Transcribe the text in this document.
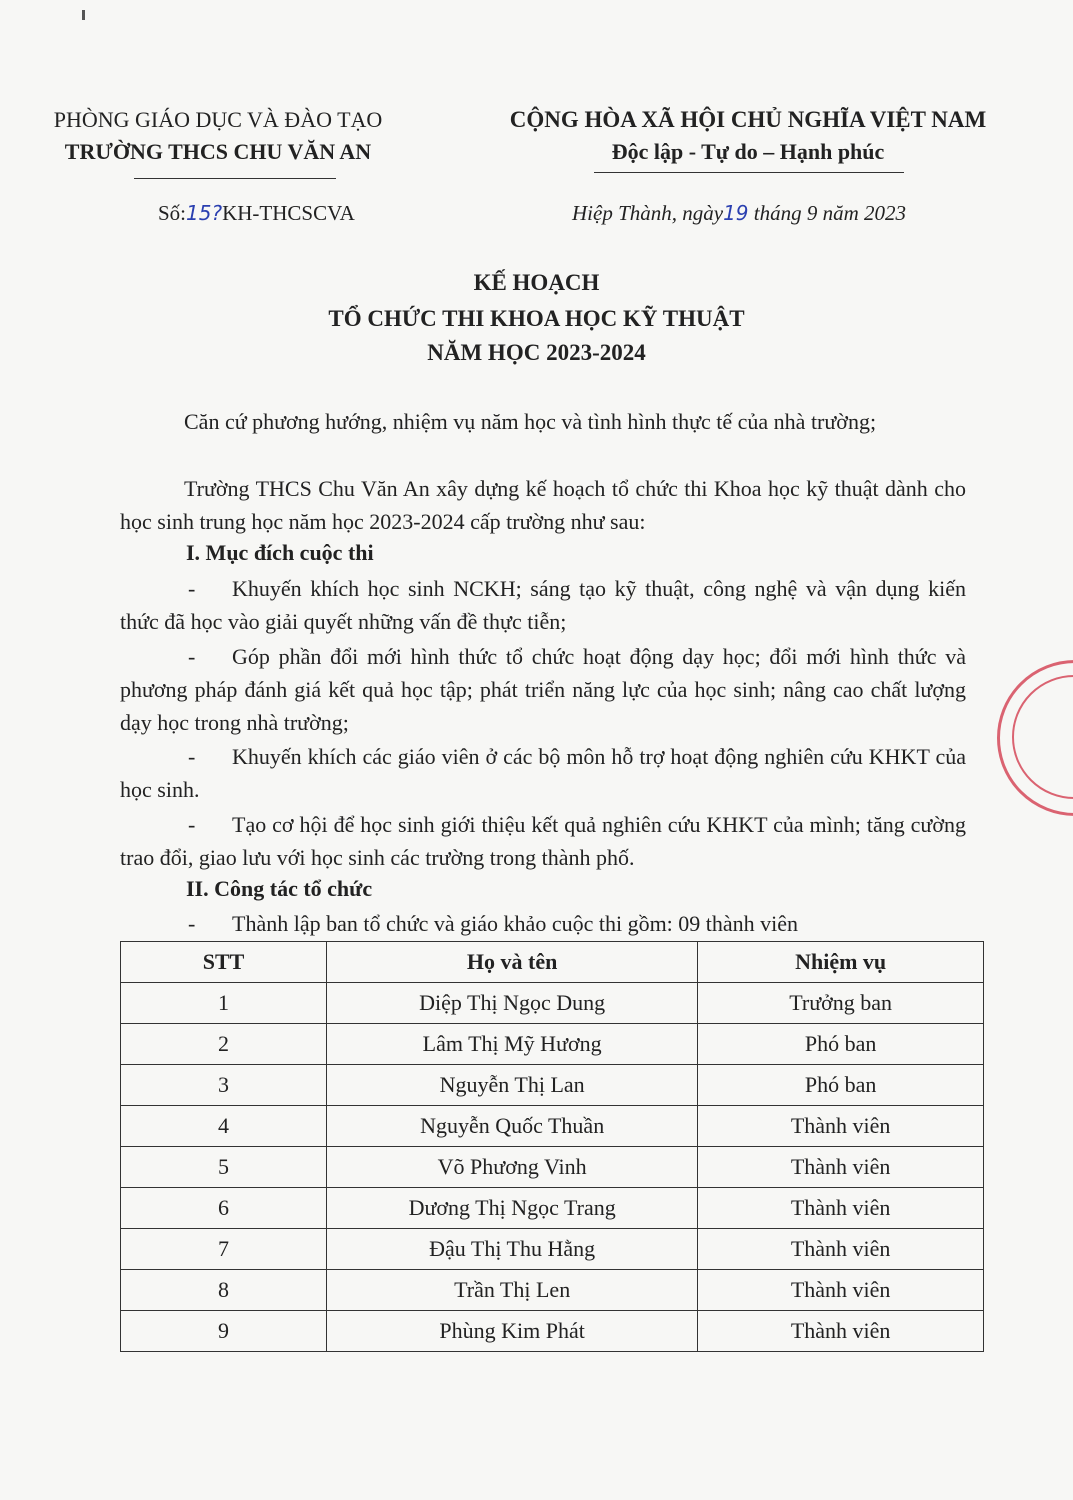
PHÒNG GIÁO DỤC VÀ ĐÀO TẠO
TRƯỜNG THCS CHU VĂN AN
CỘNG HÒA XÃ HỘI CHỦ NGHĨA VIỆT NAM
Độc lập - Tự do – Hạnh phúc
Số:15?KH-THCSCVA	Hiệp Thành, ngày19 tháng 9 năm 2023
KẾ HOẠCH
TỔ CHỨC THI KHOA HỌC KỸ THUẬT
NĂM HỌC 2023-2024
Căn cứ phương hướng, nhiệm vụ năm học và tình hình thực tế của nhà trường;
Trường THCS Chu Văn An xây dựng kế hoạch tổ chức thi Khoa học kỹ thuật dành cho học sinh trung học năm học 2023-2024 cấp trường như sau:
I. Mục đích cuộc thi
- Khuyến khích học sinh NCKH; sáng tạo kỹ thuật, công nghệ và vận dụng kiến thức đã học vào giải quyết những vấn đề thực tiễn;
- Góp phần đổi mới hình thức tổ chức hoạt động dạy học; đổi mới hình thức và phương pháp đánh giá kết quả học tập; phát triển năng lực của học sinh; nâng cao chất lượng dạy học trong nhà trường;
- Khuyến khích các giáo viên ở các bộ môn hỗ trợ hoạt động nghiên cứu KHKT của học sinh.
- Tạo cơ hội để học sinh giới thiệu kết quả nghiên cứu KHKT của mình; tăng cường trao đổi, giao lưu với học sinh các trường trong thành phố.
II. Công tác tổ chức
- Thành lập ban tổ chức và giáo khảo cuộc thi gồm: 09 thành viên
STT	Họ và tên	Nhiệm vụ
1	Diệp Thị Ngọc Dung	Trưởng ban
2	Lâm Thị Mỹ Hương	Phó ban
3	Nguyễn Thị Lan	Phó ban
4	Nguyễn Quốc Thuần	Thành viên
5	Võ Phương Vinh	Thành viên
6	Dương Thị Ngọc Trang	Thành viên
7	Đậu Thị Thu Hằng	Thành viên
8	Trần Thị Len	Thành viên
9	Phùng Kim Phát	Thành viên
